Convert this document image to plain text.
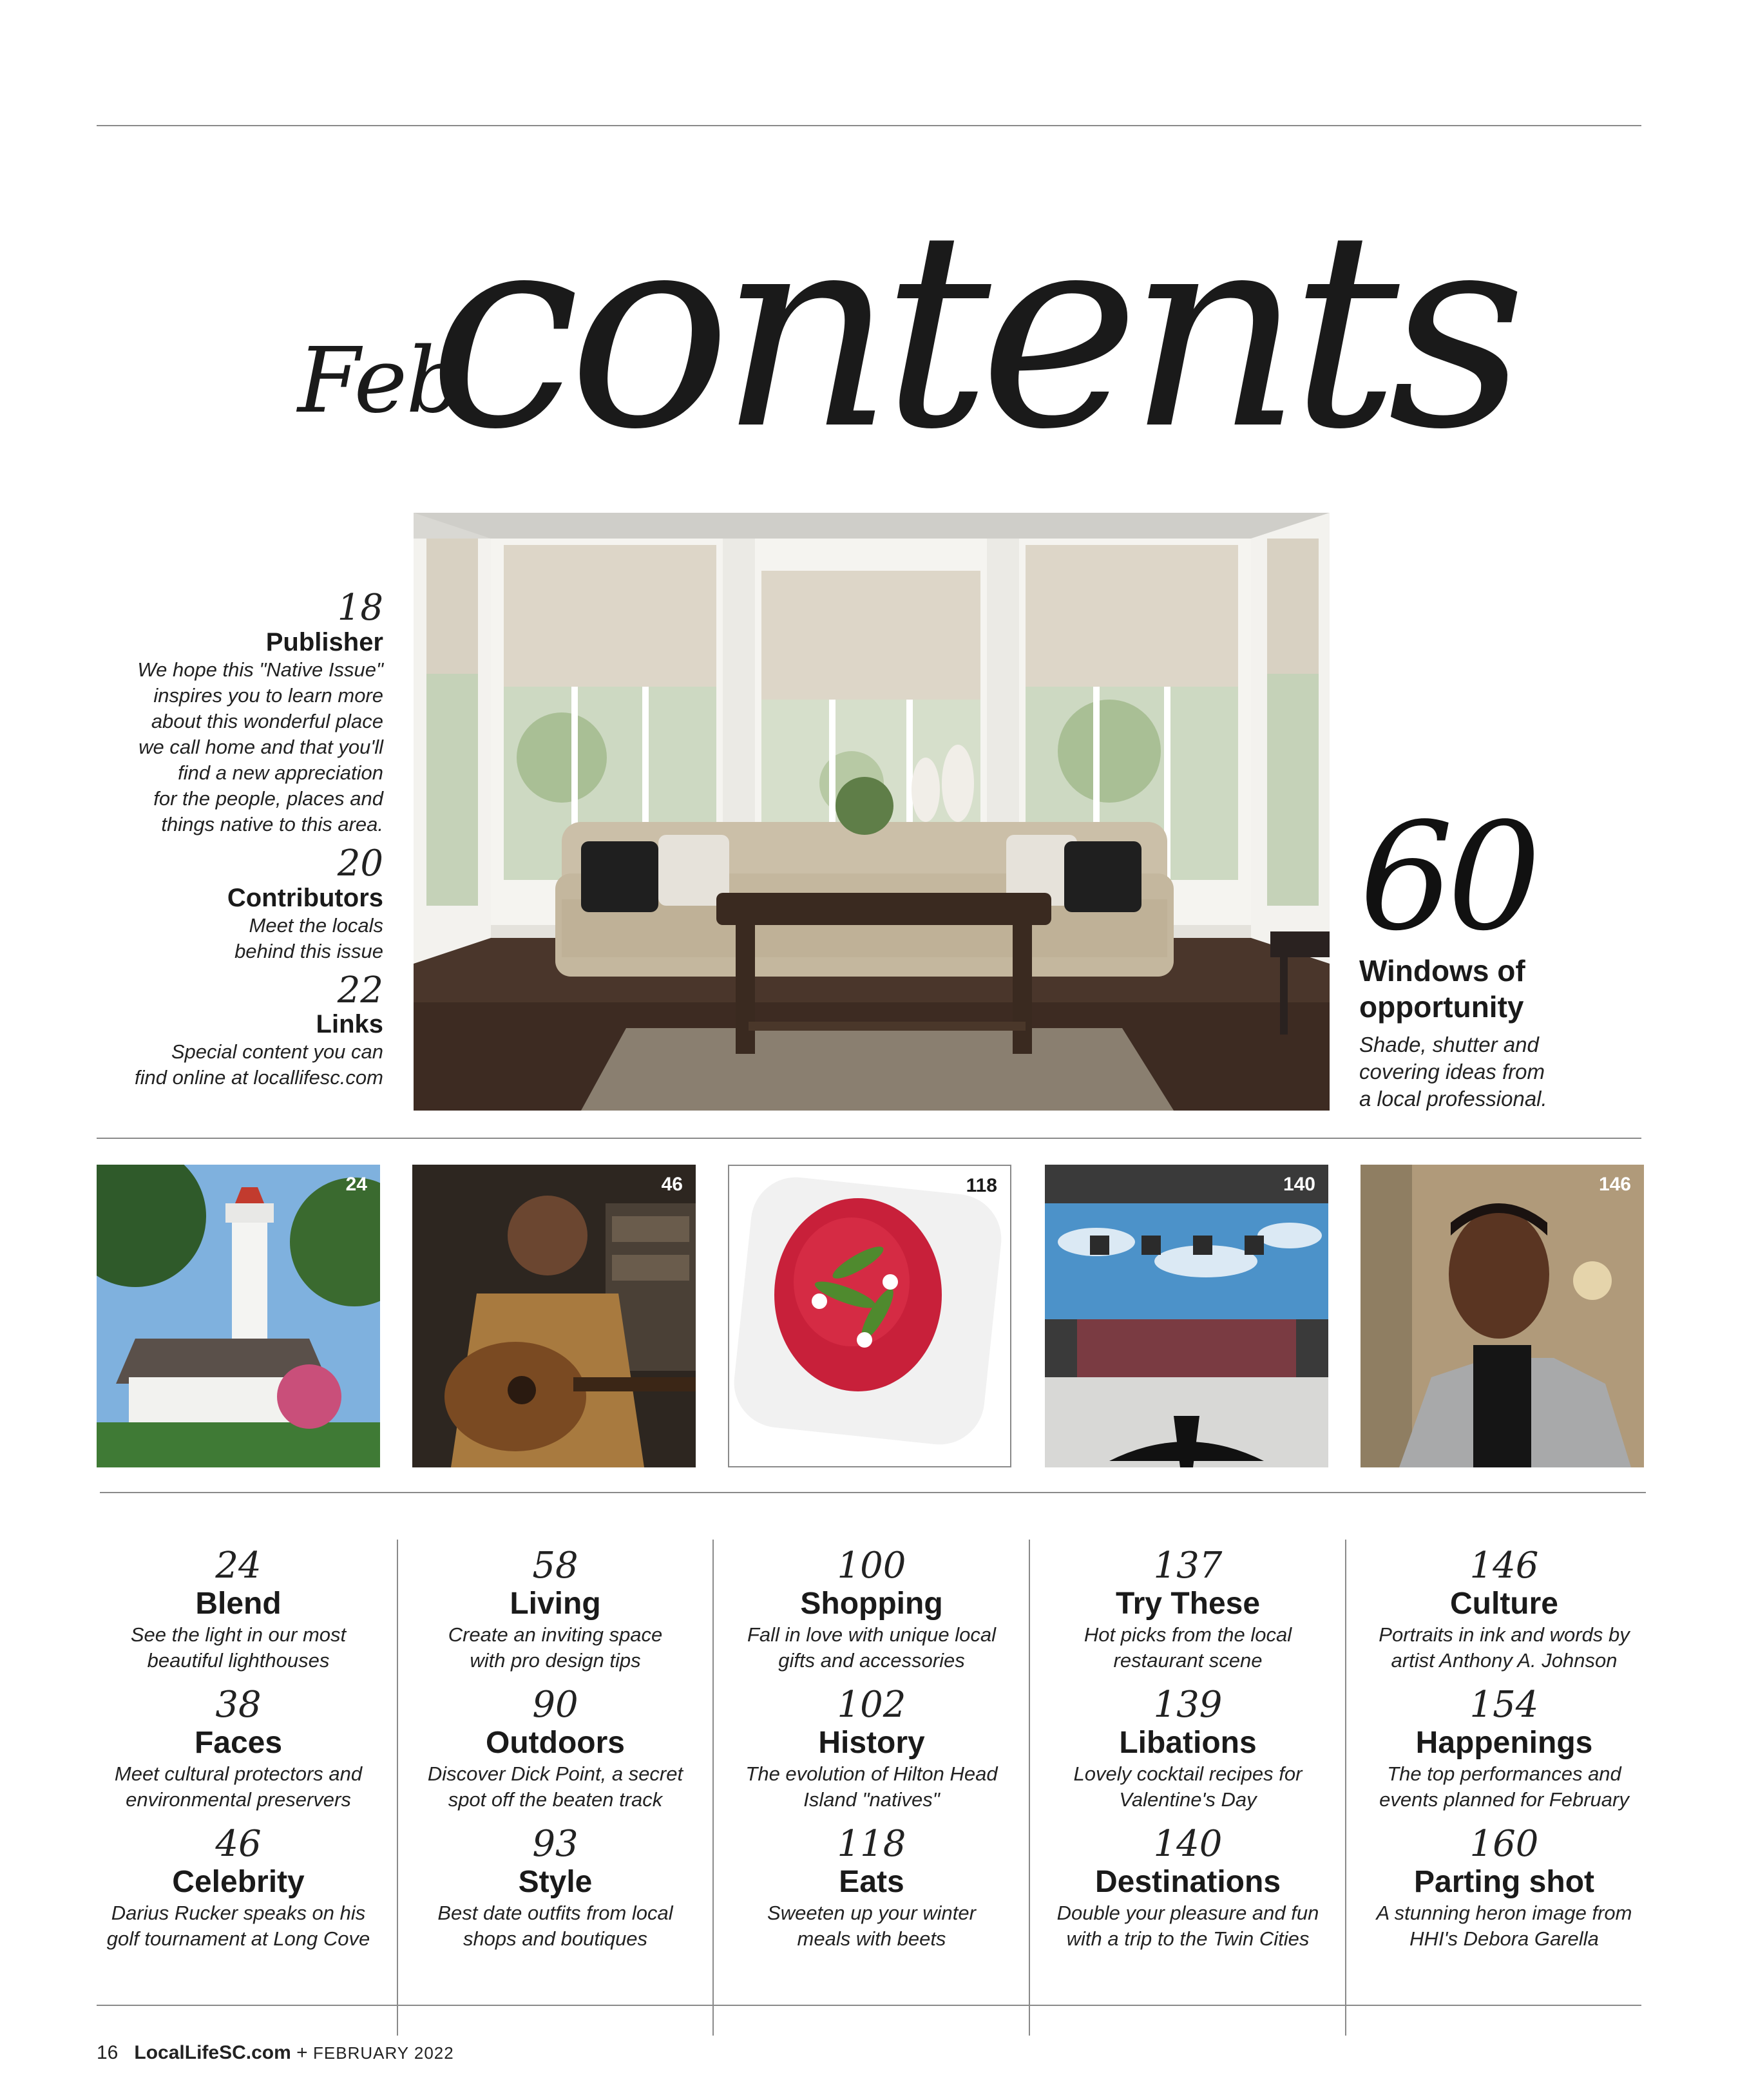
Feb
contents
18
Publisher
We hope this "Native Issue"
inspires you to learn more
about this wonderful place
we call home and that you'll
find a new appreciation
for the people, places and
things native to this area.
20
Contributors
Meet the locals
behind this issue
22
Links
Special content you can
find online at locallifesc.com
60
Windows of
opportunity
Shade, shutter and
covering ideas from
a local professional.
24	46	118	140	146
24
Blend
See the light in our most
beautiful lighthouses
38
Faces
Meet cultural protectors and
environmental preservers
46
Celebrity
Darius Rucker speaks on his
golf tournament at Long Cove
58
Living
Create an inviting space
with pro design tips
90
Outdoors
Discover Dick Point, a secret
spot off the beaten track
93
Style
Best date outfits from local
shops and boutiques
100
Shopping
Fall in love with unique local
gifts and accessories
102
History
The evolution of Hilton Head
Island "natives"
118
Eats
Sweeten up your winter
meals with beets
137
Try These
Hot picks from the local
restaurant scene
139
Libations
Lovely cocktail recipes for
Valentine's Day
140
Destinations
Double your pleasure and fun
with a trip to the Twin Cities
146
Culture
Portraits in ink and words by
artist Anthony A. Johnson
154
Happenings
The top performances and
events planned for February
160
Parting shot
A stunning heron image from
HHI's Debora Garella
16 LocalLifeSC.com + FEBRUARY 2022
